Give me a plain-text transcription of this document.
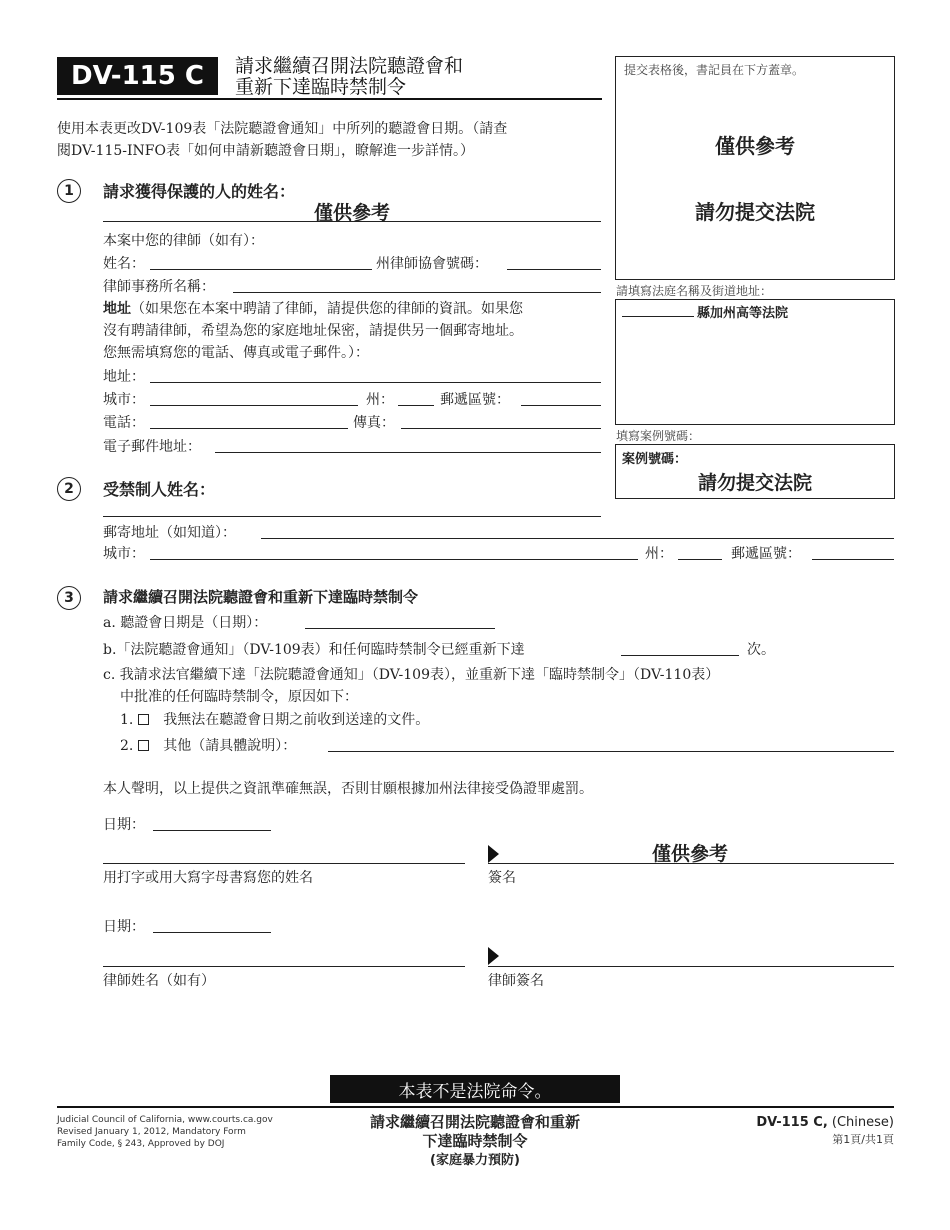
DV-115 C 請求繼續召開法院聽證會和
重新下達臨時禁制令
提交表格後，書記員在下方蓋章。
僅供參考
請勿提交法院
請填寫法庭名稱及街道地址：
縣加州高等法院
填寫案例號碼：
案例號碼：
請勿提交法院
使用本表更改DV-109表「法院聽證會通知」中所列的聽證會日期。（請查
閱DV-115-INFO表「如何申請新聽證會日期」，瞭解進一步詳情。）
1	請求獲得保護的人的姓名：
僅供參考
本案中您的律師（如有）：
姓名：	州律師協會號碼：
律師事務所名稱：
地址（如果您在本案中聘請了律師，請提供您的律師的資訊。如果您
沒有聘請律師，希望為您的家庭地址保密，請提供另一個郵寄地址。
您無需填寫您的電話、傳真或電子郵件。）：
地址：
城市：	州：	郵遞區號：
電話：	傳真：
電子郵件地址：
2	受禁制人姓名：
郵寄地址（如知道）：
城市：	州：	郵遞區號：
3	請求繼續召開法院聽證會和重新下達臨時禁制令
a. 聽證會日期是（日期）：
b.「法院聽證會通知」（DV-109表）和任何臨時禁制令已經重新下達	次。
c. 我請求法官繼續下達「法院聽證會通知」（DV-109表），並重新下達「臨時禁制令」（DV-110表）
中批准的任何臨時禁制令，原因如下：
1. 我無法在聽證會日期之前收到送達的文件。
2. 其他（請具體說明）：
本人聲明，以上提供之資訊準確無誤，否則甘願根據加州法律接受偽證罪處罰。
日期：
僅供參考
用打字或用大寫字母書寫您的姓名	簽名
日期：
律師姓名（如有）	律師簽名
本表不是法院命令。
Judicial Council of California, www.courts.ca.gov
Revised January 1, 2012, Mandatory Form
Family Code, § 243, Approved by DOJ
請求繼續召開法院聽證會和重新
下達臨時禁制令
(家庭暴力預防)
DV-115 C, (Chinese)
第1頁/共1頁
